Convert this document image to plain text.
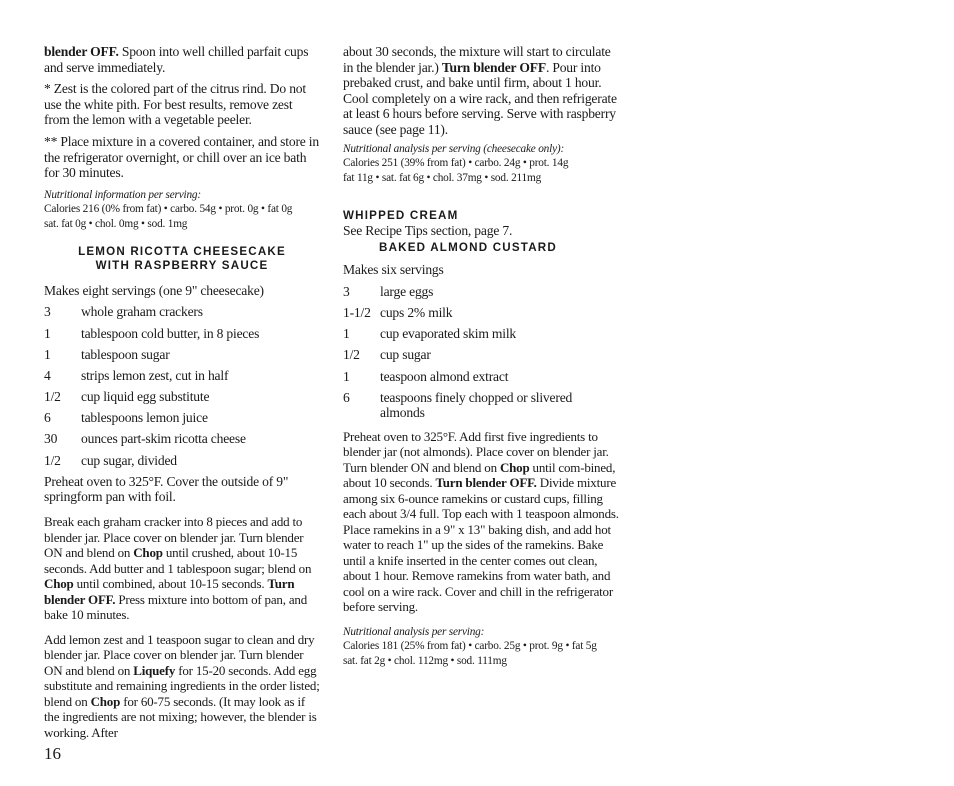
blender OFF. Spoon into well chilled parfait cups and serve immediately.

* Zest is the colored part of the citrus rind. Do not use the white pith. For best results, remove zest from the lemon with a vegetable peeler.

** Place mixture in a covered container, and store in the refrigerator overnight, or chill over an ice bath for 30 minutes.

Nutritional information per serving:
Calories 216 (0% from fat) • carbo. 54g • prot. 0g • fat 0g
sat. fat 0g • chol. 0mg • sod. 1mg
LEMON RICOTTA CHEESECAKE
WITH RASPBERRY SAUCE

Makes eight servings (one 9" cheesecake)

3	whole graham crackers
1	tablespoon cold butter, in 8 pieces
1	tablespoon sugar
4	strips lemon zest, cut in half
1/2	cup liquid egg substitute
6	tablespoons lemon juice
30	ounces part-skim ricotta cheese
1/2	cup sugar, divided

Preheat oven to 325°F. Cover the outside of 9" springform pan with foil.

Break each graham cracker into 8 pieces and add to blender jar. Place cover on blender jar. Turn blender ON and blend on Chop until crushed, about 10-15 seconds. Add butter and 1 tablespoon sugar; blend on Chop until combined, about 10-15 seconds. Turn blender OFF. Press mixture into bottom of pan, and bake 10 minutes.

Add lemon zest and 1 teaspoon sugar to clean and dry blender jar. Place cover on blender jar. Turn blender ON and blend on Liquefy for 15-20 seconds. Add egg substitute and remaining ingredients in the order listed; blend on Chop for 60-75 seconds. (It may look as if the ingredients are not mixing; however, the blender is working. After

about 30 seconds, the mixture will start to circulate in the blender jar.) Turn blender OFF. Pour into prebaked crust, and bake until firm, about 1 hour. Cool completely on a wire rack, and then refrigerate at least 6 hours before serving. Serve with raspberry sauce (see page 11).

Nutritional analysis per serving (cheesecake only):
Calories 251 (39% from fat) • carbo. 24g • prot. 14g
fat 11g • sat. fat 6g • chol. 37mg • sod. 211mg
WHIPPED CREAM

See Recipe Tips section, page 7.

BAKED ALMOND CUSTARD

Makes six servings

3	large eggs
1-1/2 cups 2% milk
1	cup evaporated skim milk
1/2	cup sugar
1	teaspoon almond extract
6	teaspoons finely chopped or slivered almonds

Preheat oven to 325°F. Add first five ingredients to blender jar (not almonds). Place cover on blender jar. Turn blender ON and blend on Chop until com-bined, about 10 seconds. Turn blender OFF. Divide mixture among six 6-ounce ramekins or custard cups, filling each about 3/4 full. Top each with 1 teaspoon almonds. Place ramekins in a 9" x 13" baking dish, and add hot water to reach 1" up the sides of the ramekins. Bake until a knife inserted in the center comes out clean, about 1 hour. Remove ramekins from water bath, and cool on a wire rack. Cover and chill in the refrigerator before serving.

Nutritional analysis per serving:
Calories 181 (25% from fat) • carbo. 25g • prot. 9g • fat 5g
sat. fat 2g • chol. 112mg • sod. 111mg
16
